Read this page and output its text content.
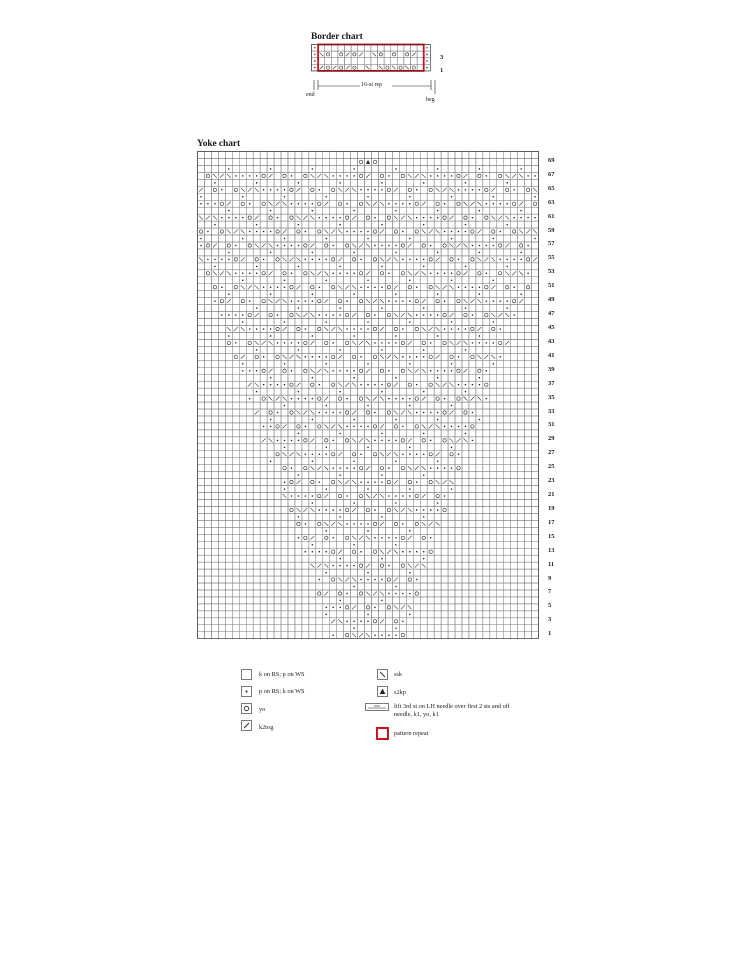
Border chart
3
1
16-st rep
end
beg
Yoke chart
69
67
65
63
61
59
57
55
53
51
49
47
45
43
41
39
37
35
33
31
29
27
25
23
21
19
17
15
13
11
9
7
5
3
1
k on RS; p on WS
p on RS; k on WS
yo
k2tog
ssk
s2kp
lift 3rd st on LH needle over first 2 sts and off needle, k1, yo, k1
pattern repeat
